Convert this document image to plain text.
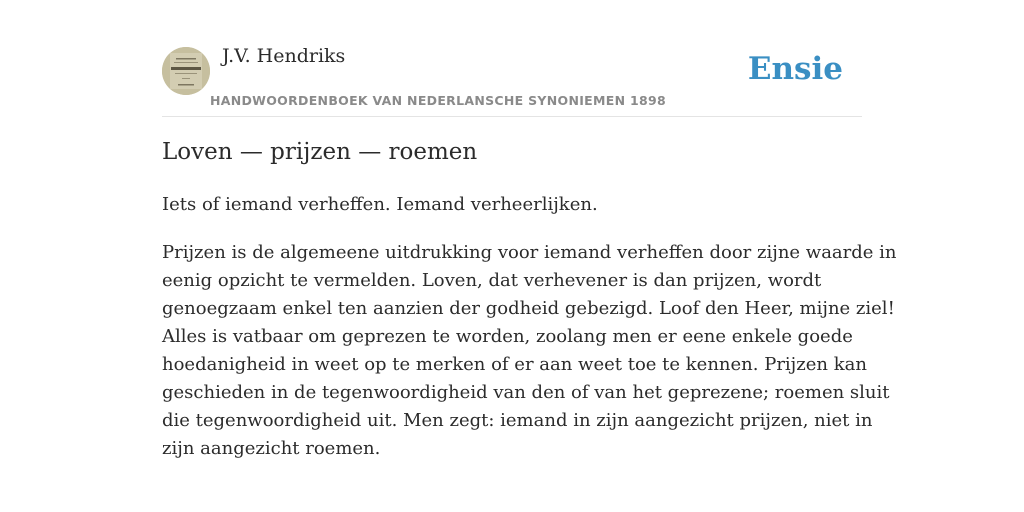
J.V. Hendriks
HANDWOORDENBOEK VAN NEDERLANSCHE SYNONIEMEN 1898
Ensie
Loven — prijzen — roemen

Iets of iemand verheffen. Iemand verheerlijken.

Prijzen is de algemeene uitdrukking voor iemand verheffen door zijne waarde in
eenig opzicht te vermelden. Loven, dat verhevener is dan prijzen, wordt
genoegzaam enkel ten aanzien der godheid gebezigd. Loof den Heer, mijne ziel!
Alles is vatbaar om geprezen te worden, zoolang men er eene enkele goede
hoedanigheid in weet op te merken of er aan weet toe te kennen. Prijzen kan
geschieden in de tegenwoordigheid van den of van het geprezene; roemen sluit
die tegenwoordigheid uit. Men zegt: iemand in zijn aangezicht prijzen, niet in
zijn aangezicht roemen.
